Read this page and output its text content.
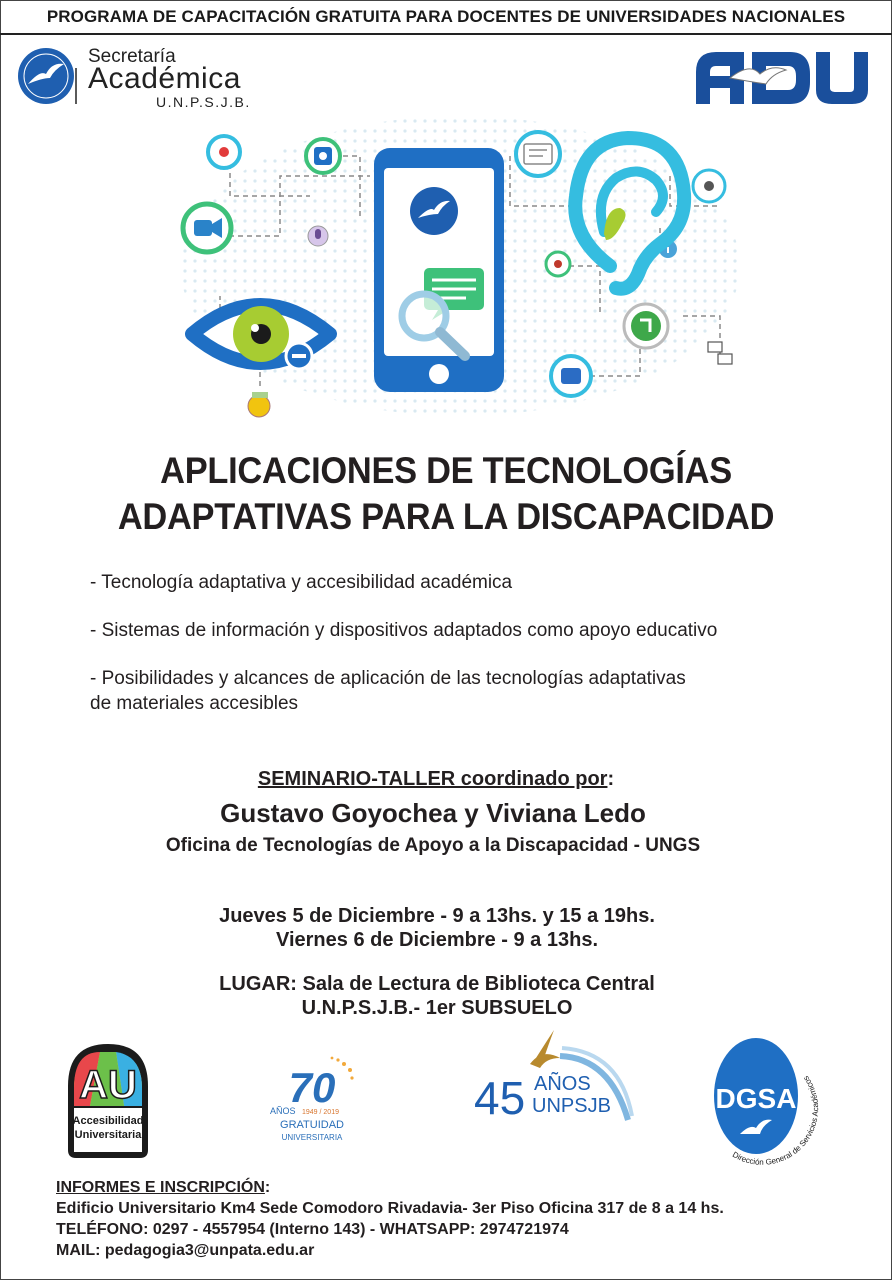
PROGRAMA DE CAPACITACIÓN GRATUITA PARA DOCENTES DE UNIVERSIDADES NACIONALES
Secretaría
Académica
U.N.P.S.J.B.
APLICACIONES DE TECNOLOGÍAS
ADAPTATIVAS PARA LA DISCAPACIDAD
- Tecnología adaptativa y accesibilidad académica
- Sistemas de información y dispositivos adaptados como apoyo educativo
- Posibilidades y alcances de aplicación de las tecnologías adaptativas
de materiales accesibles
SEMINARIO-TALLER coordinado por:
Gustavo Goyochea y Viviana Ledo
Oficina de Tecnologías de Apoyo a la Discapacidad - UNGS
Jueves 5 de Diciembre - 9 a 13hs. y 15 a 19hs.
Viernes 6 de Diciembre - 9 a 13hs.
LUGAR: Sala de Lectura de Biblioteca Central
U.N.P.S.J.B.- 1er SUBSUELO
AU
Accesibilidad
Universitaria
70
AÑOS 1949 / 2019
GRATUIDAD
UNIVERSITARIA
45 AÑOS
UNPSJB	DGSA
Dirección General de Servicios Académicos
INFORMES E INSCRIPCIÓN:
Edificio Universitario Km4 Sede Comodoro Rivadavia- 3er Piso Oficina 317 de 8 a 14 hs.
TELÉFONO: 0297 - 4557954 (Interno 143) - WHATSAPP: 2974721974
MAIL: pedagogia3@unpata.edu.ar
